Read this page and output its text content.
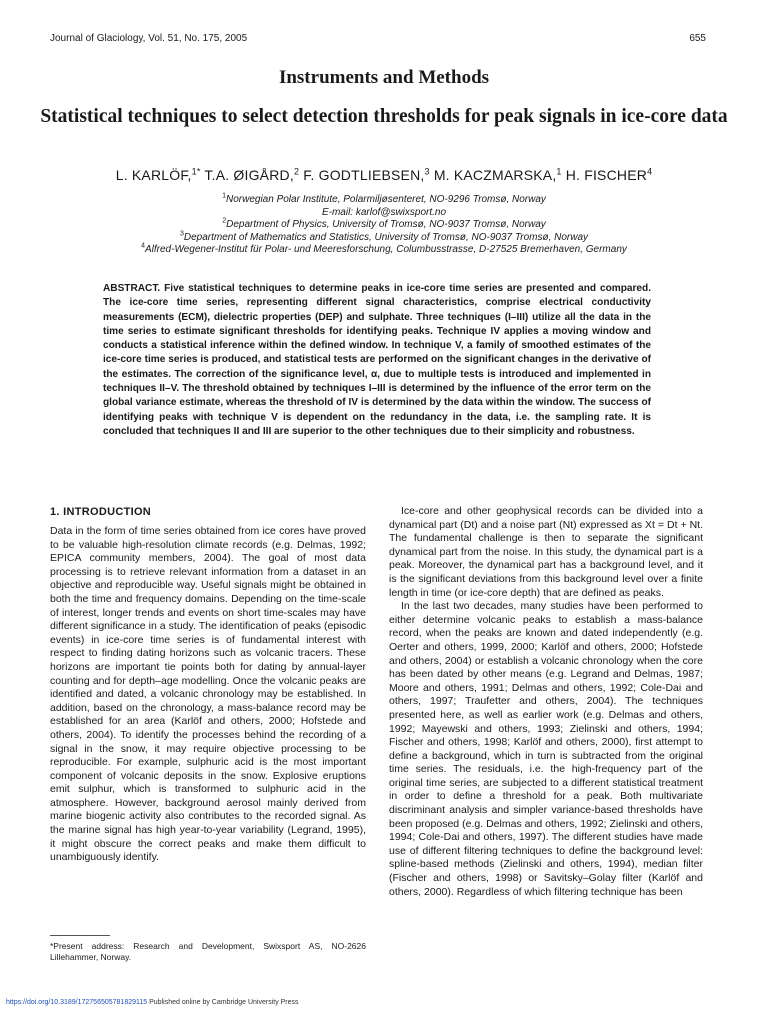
Journal of Glaciology, Vol. 51, No. 175, 2005	655
Instruments and Methods
Statistical techniques to select detection thresholds for peak signals in ice-core data
L. KARLÖF,$^{1*}$ T.A. ØIGÅRD,$^2$ F. GODTLIEBSEN,$^3$ M. KACZMARSKA,$^1$ H. FISCHER$^4$
$^1$Norwegian Polar Institute, Polarmiljøsenteret, NO-9296 Tromsø, Norway
E-mail: karlof@swixsport.no
$^2$Department of Physics, University of Tromsø, NO-9037 Tromsø, Norway
$^3$Department of Mathematics and Statistics, University of Tromsø, NO-9037 Tromsø, Norway
$^4$Alfred-Wegener-Institut für Polar- und Meeresforschung, Columbusstrasse, D-27525 Bremerhaven, Germany
ABSTRACT. Five statistical techniques to determine peaks in ice-core time series are presented and compared. The ice-core time series, representing different signal characteristics, comprise electrical conductivity measurements (ECM), dielectric properties (DEP) and sulphate. Three techniques (I–III) utilize all the data in the time series to estimate significant thresholds for identifying peaks. Technique IV applies a moving window and conducts a statistical inference within the defined window. In technique V, a family of smoothed estimates of the ice-core time series is produced, and statistical tests are performed on the significant changes in the derivative of the estimates. The correction of the significance level, α, due to multiple tests is introduced and implemented in techniques II–V. The threshold obtained by techniques I–III is determined by the influence of the error term on the global variance estimate, whereas the threshold of IV is determined by the data within the window. The success of identifying peaks with technique V is dependent on the redundancy in the data, i.e. the sampling rate. It is concluded that techniques II and III are superior to the other techniques due to their simplicity and robustness.
1. INTRODUCTION

Data in the form of time series obtained from ice cores have proved to be valuable high-resolution climate records (e.g. Delmas, 1992; EPICA community members, 2004). The goal of most data processing is to retrieve relevant information from a dataset in an objective and reproducible way. Useful signals might be obtained in both the time and frequency domains. Depending on the time-scale of interest, longer trends and events on short time-scales may have different significance in a study. The identification of peaks (episodic events) in ice-core time series is of fundamental interest with respect to finding dating horizons such as volcanic tracers. These horizons are important tie points both for dating by annual-layer counting and for depth–age modelling. Once the volcanic peaks are identified and dated, a volcanic chronology may be established. In addition, based on the chronology, a mass-balance record may be established for an area (Karlöf and others, 2000; Hofstede and others, 2004). To identify the processes behind the recording of a signal in the snow, it may require objective processing to be reproducible. For example, sulphuric acid is the most important component of volcanic deposits in the snow. Explosive eruptions emit sulphur, which is transformed to sulphuric acid in the atmosphere. However, background aerosol mainly derived from marine biogenic activity also contributes to the recorded signal. As the marine signal has high year-to-year variability (Legrand, 1995), it might obscure the correct peaks and make them difficult to unambiguously identify.

Ice-core and other geophysical records can be divided into a dynamical part (Dt) and a noise part (Nt) expressed as Xt = Dt + Nt. The fundamental challenge is then to separate the significant dynamical part from the noise. In this study, the dynamical part is a peak. Moreover, the dynamical part has a background level, and it is the significant deviations from this background level over a finite length in time (or ice-core depth) that are defined as peaks.

In the last two decades, many studies have been performed to either determine volcanic peaks to establish a mass-balance record, when the peaks are known and dated independently (e.g. Oerter and others, 1999, 2000; Karlöf and others, 2000; Hofstede and others, 2004) or establish a volcanic chronology when the core has been dated by other means (e.g. Legrand and Delmas, 1987; Moore and others, 1991; Delmas and others, 1992; Cole-Dai and others, 1997; Traufetter and others, 2004). The techniques presented here, as well as earlier work (e.g. Delmas and others, 1992; Mayewski and others, 1993; Zielinski and others, 1994; Fischer and others, 1998; Karlöf and others, 2000), first attempt to define a background, which in turn is subtracted from the original time series. The residuals, i.e. the high-frequency part of the original time series, are subjected to a different statistical treatment in order to define a threshold for a peak. Both multivariate discriminant analysis and simpler variance-based thresholds have been proposed (e.g. Delmas and others, 1992; Zielinski and others, 1994; Cole-Dai and others, 1997). The different studies have made use of different filtering techniques to define the background level: spline-based methods (Zielinski and others, 1994), median filter (Fischer and others, 1998) or Savitsky–Golay filter (Karlöf and others, 2000). Regardless of which filtering technique has been

*Present address: Research and Development, Swixsport AS, NO-2626 Lillehammer, Norway.
https://doi.org/10.3189/172756505781829115 Published online by Cambridge University Press
